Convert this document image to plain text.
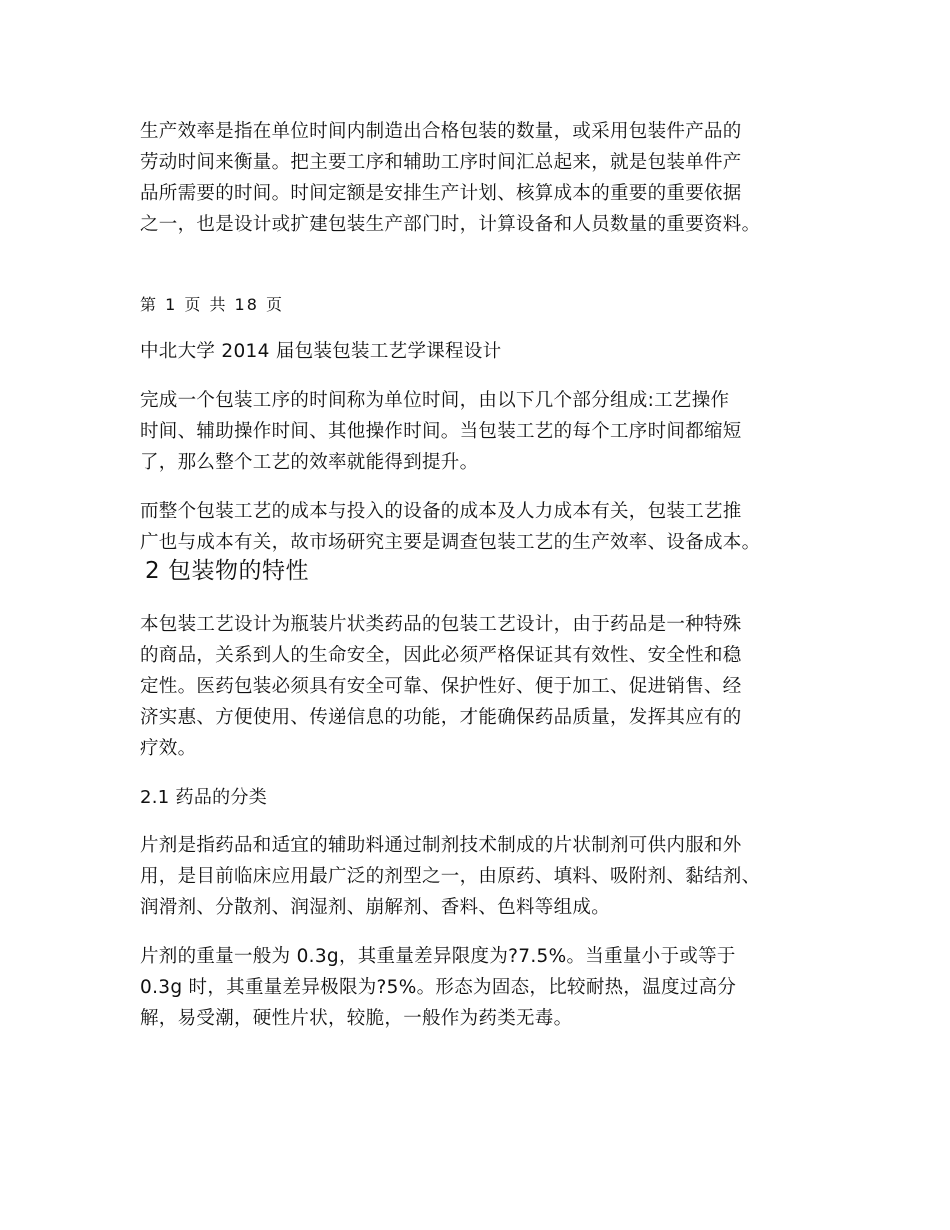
生产效率是指在单位时间内制造出合格包装的数量，或采用包装件产品的
劳动时间来衡量。把主要工序和辅助工序时间汇总起来，就是包装单件产
品所需要的时间。时间定额是安排生产计划、核算成本的重要的重要依据
之一，也是设计或扩建包装生产部门时，计算设备和人员数量的重要资料。

第 1 页 共 18 页

中北大学 2014 届包装包装工艺学课程设计

完成一个包装工序的时间称为单位时间，由以下几个部分组成:工艺操作
时间、辅助操作时间、其他操作时间。当包装工艺的每个工序时间都缩短
了，那么整个工艺的效率就能得到提升。

而整个包装工艺的成本与投入的设备的成本及人力成本有关，包装工艺推
广也与成本有关，故市场研究主要是调查包装工艺的生产效率、设备成本。

2 包装物的特性

本包装工艺设计为瓶装片状类药品的包装工艺设计，由于药品是一种特殊
的商品，关系到人的生命安全，因此必须严格保证其有效性、安全性和稳
定性。医药包装必须具有安全可靠、保护性好、便于加工、促进销售、经
济实惠、方便使用、传递信息的功能，才能确保药品质量，发挥其应有的
疗效。

2.1 药品的分类

片剂是指药品和适宜的辅助料通过制剂技术制成的片状制剂可供内服和外
用，是目前临床应用最广泛的剂型之一，由原药、填料、吸附剂、黏结剂、
润滑剂、分散剂、润湿剂、崩解剂、香料、色料等组成。

片剂的重量一般为 0.3g，其重量差异限度为?7.5%。当重量小于或等于
0.3g 时，其重量差异极限为?5%。形态为固态，比较耐热，温度过高分
解，易受潮，硬性片状，较脆，一般作为药类无毒。
